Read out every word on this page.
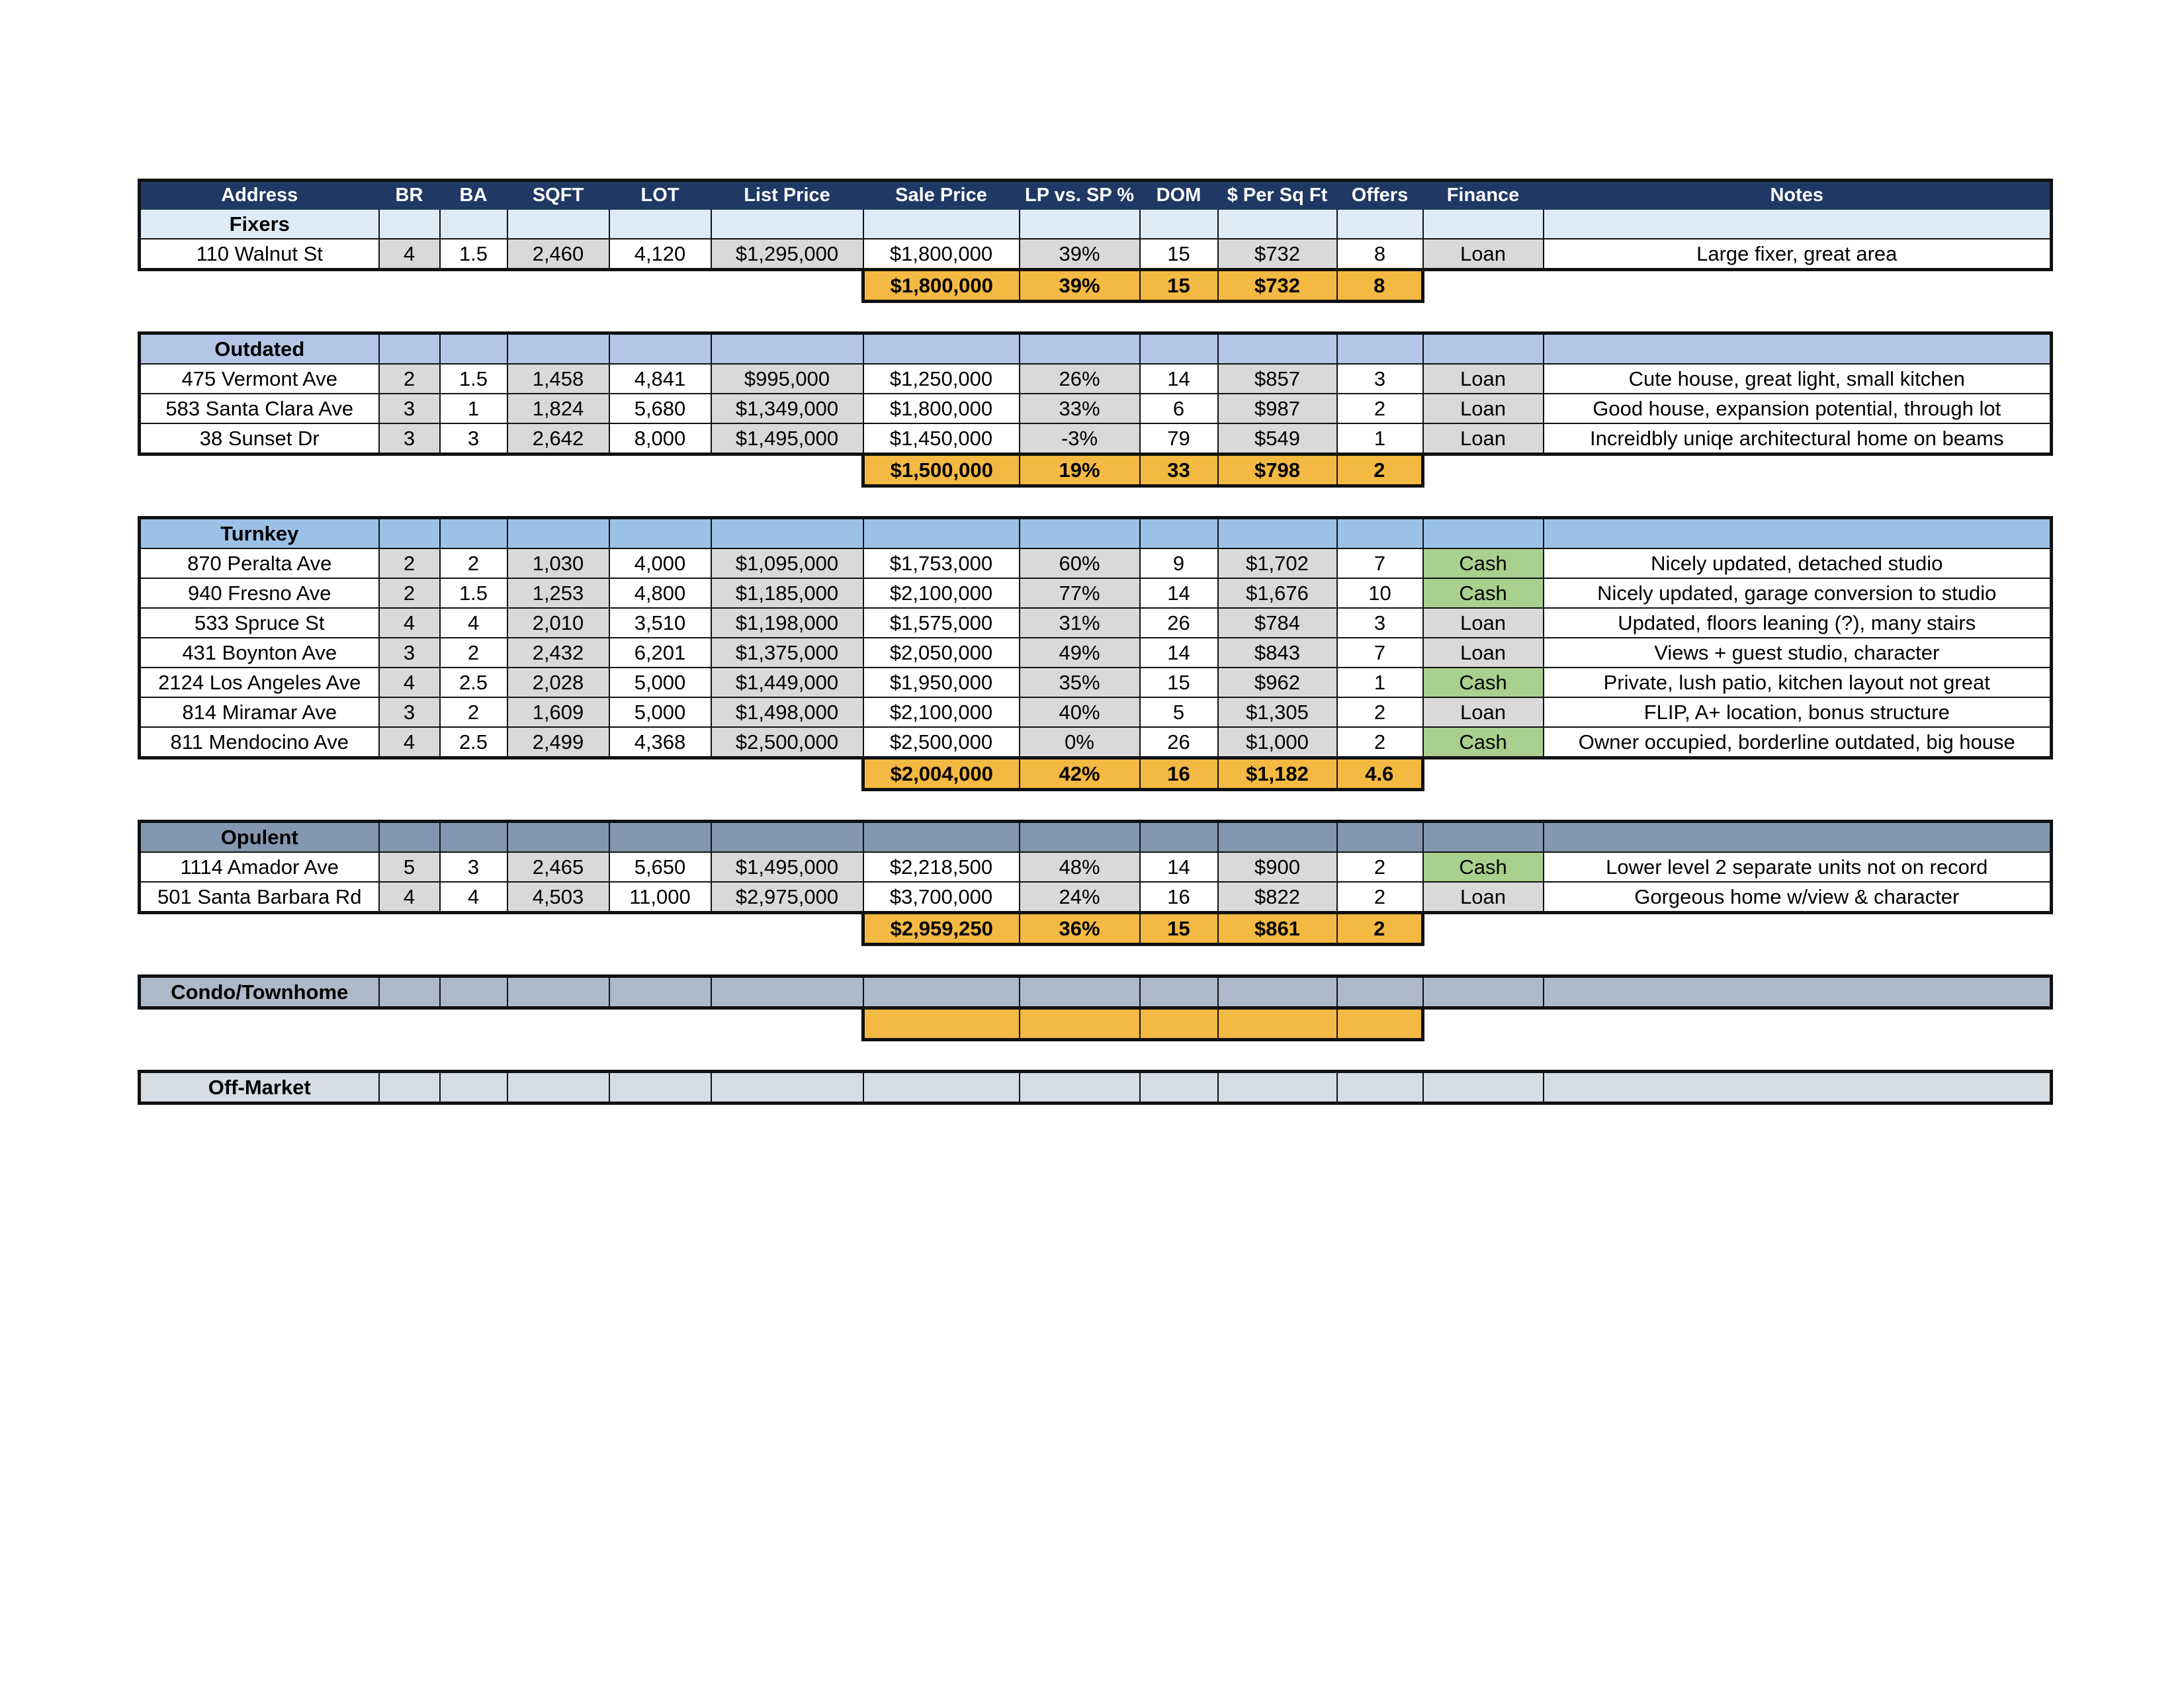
Address	BR	BA	SQFT	LOT	List Price	Sale Price	LP vs. SP %	DOM	$ Per Sq Ft	Offers	Finance	Notes
Fixers												
110 Walnut St	4	1.5	2,460	4,120	$1,295,000	$1,800,000	39%	15	$732	8	Loan	Large fixer, great area
						$1,800,000	39%	15	$732	8		

Outdated												
475 Vermont Ave	2	1.5	1,458	4,841	$995,000	$1,250,000	26%	14	$857	3	Loan	Cute house, great light, small kitchen
583 Santa Clara Ave	3	1	1,824	5,680	$1,349,000	$1,800,000	33%	6	$987	2	Loan	Good house, expansion potential, through lot
38 Sunset Dr	3	3	2,642	8,000	$1,495,000	$1,450,000	-3%	79	$549	1	Loan	Increidbly uniqe architectural home on beams
						$1,500,000	19%	33	$798	2		

Turnkey												
870 Peralta Ave	2	2	1,030	4,000	$1,095,000	$1,753,000	60%	9	$1,702	7	Cash	Nicely updated, detached studio
940 Fresno Ave	2	1.5	1,253	4,800	$1,185,000	$2,100,000	77%	14	$1,676	10	Cash	Nicely updated, garage conversion to studio
533 Spruce St	4	4	2,010	3,510	$1,198,000	$1,575,000	31%	26	$784	3	Loan	Updated, floors leaning (?), many stairs
431 Boynton Ave	3	2	2,432	6,201	$1,375,000	$2,050,000	49%	14	$843	7	Loan	Views + guest studio, character
2124 Los Angeles Ave	4	2.5	2,028	5,000	$1,449,000	$1,950,000	35%	15	$962	1	Cash	Private, lush patio, kitchen layout not great
814 Miramar Ave	3	2	1,609	5,000	$1,498,000	$2,100,000	40%	5	$1,305	2	Loan	FLIP, A+ location, bonus structure
811 Mendocino Ave	4	2.5	2,499	4,368	$2,500,000	$2,500,000	0%	26	$1,000	2	Cash	Owner occupied, borderline outdated, big house
						$2,004,000	42%	16	$1,182	4.6		

Opulent												
1114 Amador Ave	5	3	2,465	5,650	$1,495,000	$2,218,500	48%	14	$900	2	Cash	Lower level 2 separate units not on record
501 Santa Barbara Rd	4	4	4,503	11,000	$2,975,000	$3,700,000	24%	16	$822	2	Loan	Gorgeous home w/view & character
						$2,959,250	36%	15	$861	2		

Condo/Townhome												

Off-Market												
